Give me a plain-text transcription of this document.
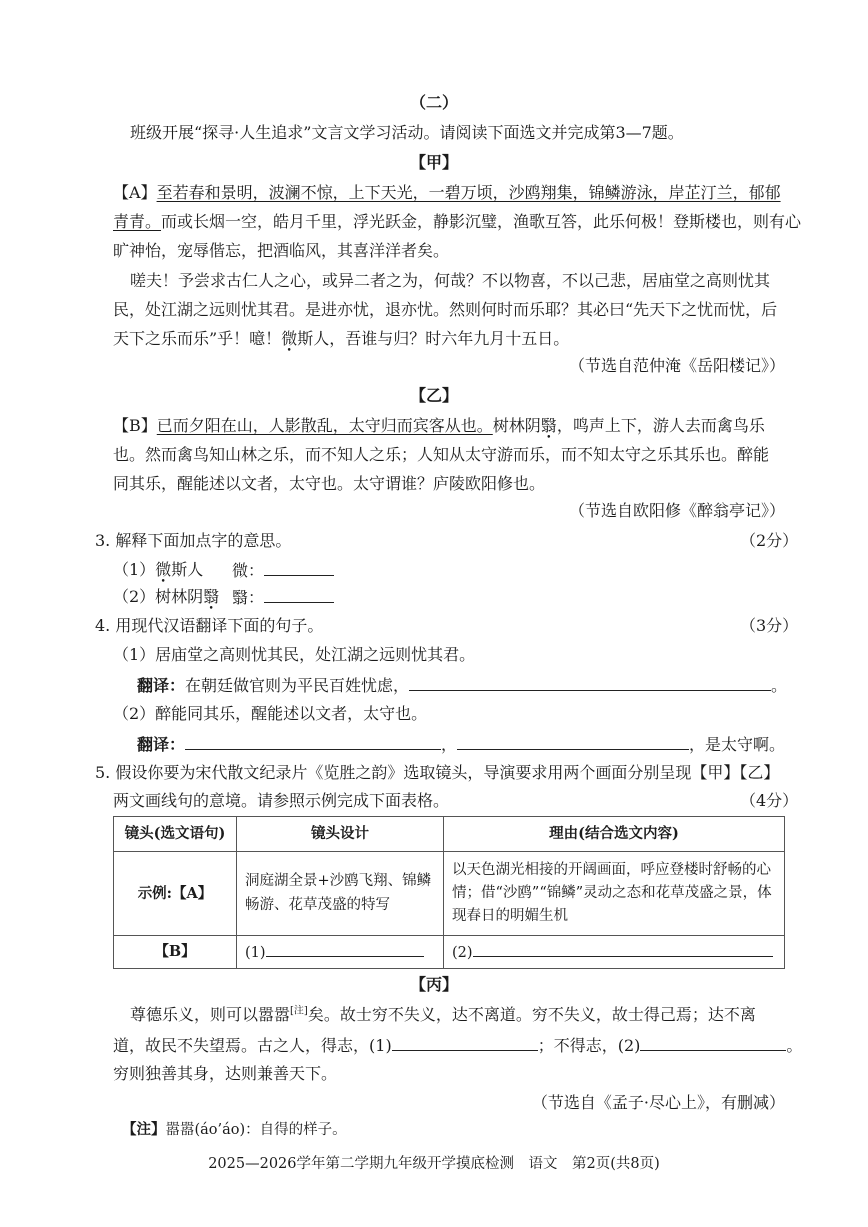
（二）
班级开展“探寻·人生追求”文言文学习活动。请阅读下面选文并完成第3—7题。
【甲】
【A】至若春和景明，波澜不惊，上下天光，一碧万顷，沙鸥翔集，锦鳞游泳，岸芷汀兰，郁郁
青青。而或长烟一空，皓月千里，浮光跃金，静影沉璧，渔歌互答，此乐何极！登斯楼也，则有心
旷神怡，宠辱偕忘，把酒临风，其喜洋洋者矣。
嗟夫！予尝求古仁人之心，或异二者之为，何哉？不以物喜，不以己悲，居庙堂之高则忧其
民，处江湖之远则忧其君。是进亦忧，退亦忧。然则何时而乐耶？其必曰“先天下之忧而忧，后
天下之乐而乐”乎！噫！微斯人，吾谁与归？时六年九月十五日。
（节选自范仲淹《岳阳楼记》）
【乙】
【B】已而夕阳在山，人影散乱，太守归而宾客从也。树林阴翳，鸣声上下，游人去而禽鸟乐
也。然而禽鸟知山林之乐，而不知人之乐；人知从太守游而乐，而不知太守之乐其乐也。醉能
同其乐，醒能述以文者，太守也。太守谓谁？庐陵欧阳修也。
（节选自欧阳修《醉翁亭记》）
3. 解释下面加点字的意思。	（2分）
（1）微斯人 微：
（2）树林阴翳 翳：
4. 用现代汉语翻译下面的句子。	（3分）
（1）居庙堂之高则忧其民，处江湖之远则忧其君。
翻译：在朝廷做官则为平民百姓忧虑，	。
（2）醉能同其乐，醒能述以文者，太守也。
翻译：	，	，是太守啊。
5. 假设你要为宋代散文纪录片《览胜之韵》选取镜头，导演要求用两个画面分别呈现【甲】【乙】
两文画线句的意境。请参照示例完成下面表格。	（4分）
镜头(选文语句)	镜头设计	理由(结合选文内容)
示例:【A】	洞庭湖全景+沙鸥飞翔、锦鳞畅游、花草茂盛的特写	以天色湖光相接的开阔画面，呼应登楼时舒畅的心情；借“沙鸥”“锦鳞”灵动之态和花草茂盛之景，体现春日的明媚生机
【B】	(1)	(2)
【丙】
尊德乐义，则可以嚣嚣[注]矣。故士穷不失义，达不离道。穷不失义，故士得己焉；达不离
道，故民不失望焉。古之人，得志，(1)	；不得志，(2)	。
穷则独善其身，达则兼善天下。
（节选自《孟子·尽心上》，有删减）
【注】嚣嚣(áo’áo)：自得的样子。
2025—2026学年第二学期九年级开学摸底检测　语文　第2页(共8页)
